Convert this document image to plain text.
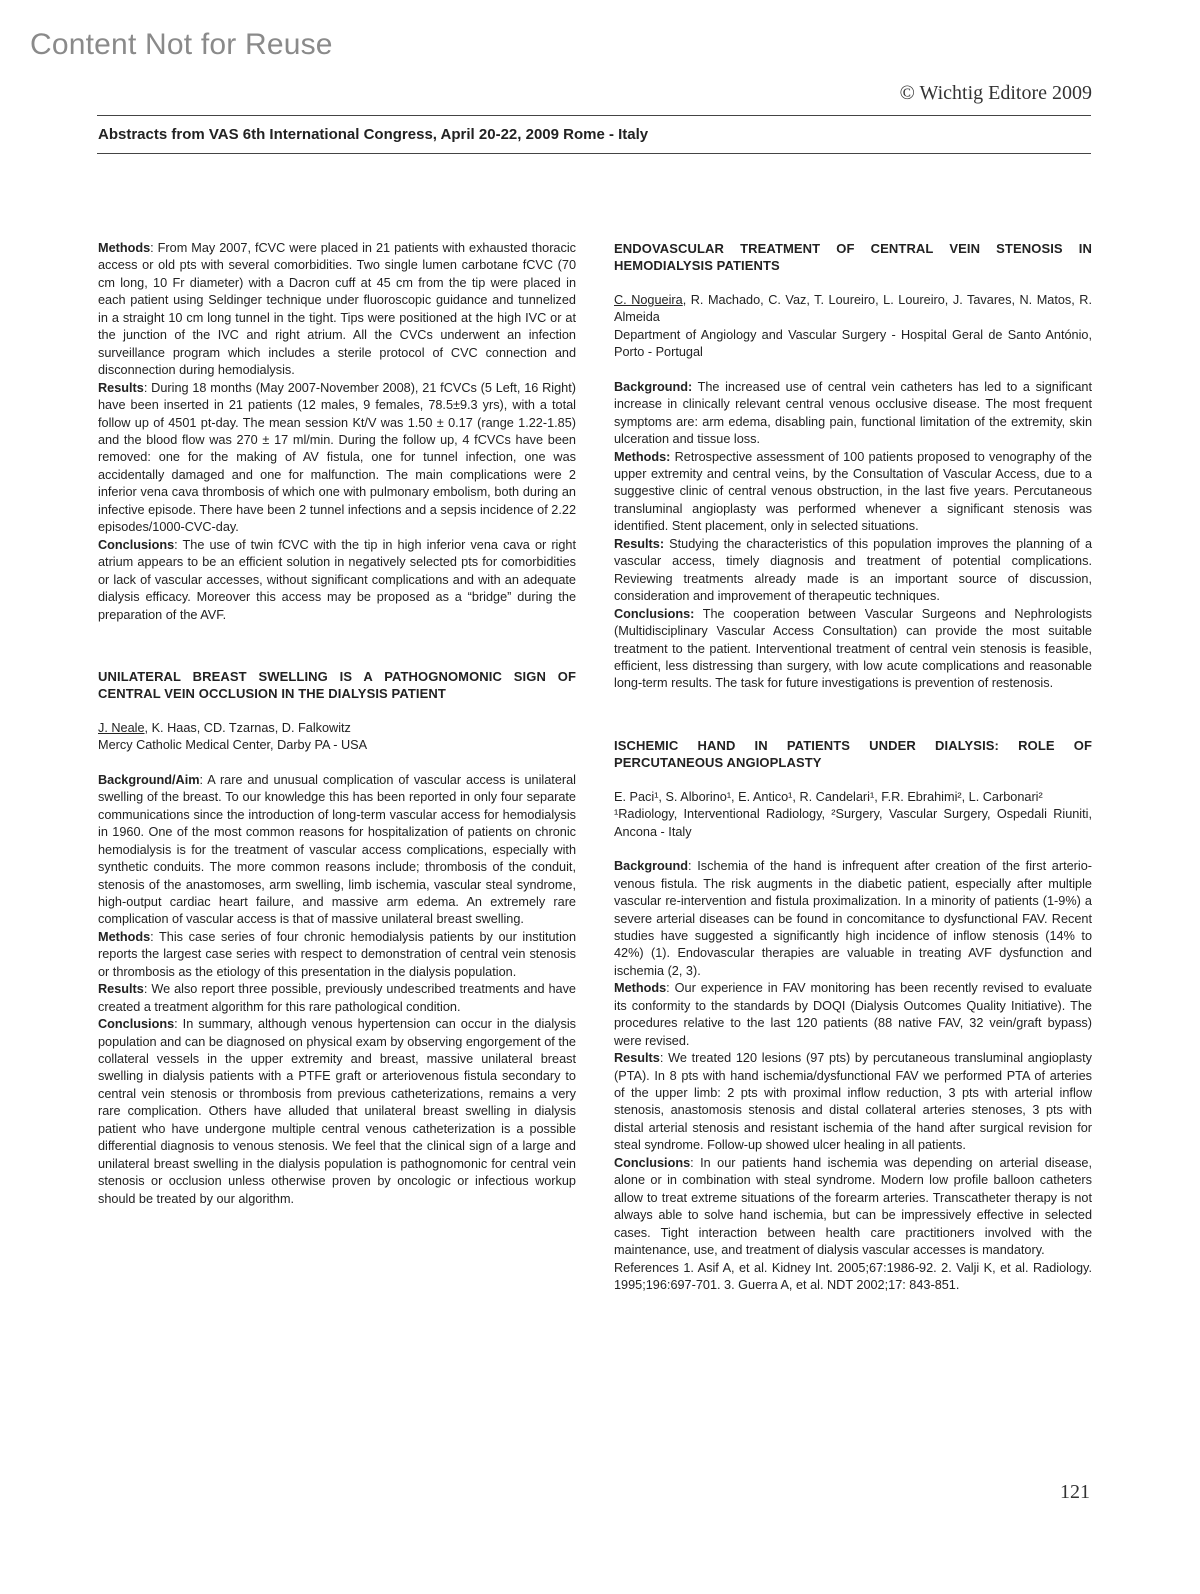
Content Not for Reuse
© Wichtig Editore 2009
Abstracts from VAS 6th International Congress, April 20-22, 2009 Rome - Italy

Methods: From May 2007, fCVC were placed in 21 patients with exhausted thoracic access or old pts with several comorbidities. Two single lumen carbotane fCVC (70 cm long, 10 Fr diameter) with a Dacron cuff at 45 cm from the tip were placed in each patient using Seldinger technique under fluoroscopic guidance and tunnelized in a straight 10 cm long tunnel in the tight. Tips were positioned at the high IVC or at the junction of the IVC and right atrium. All the CVCs underwent an infection surveillance program which includes a sterile protocol of CVC connection and disconnection during hemodialysis.

Results: During 18 months (May 2007-November 2008), 21 fCVCs (5 Left, 16 Right) have been inserted in 21 patients (12 males, 9 females, 78.5±9.3 yrs), with a total follow up of 4501 pt-day. The mean session Kt/V was 1.50 ± 0.17 (range 1.22-1.85) and the blood flow was 270 ± 17 ml/min. During the follow up, 4 fCVCs have been removed: one for the making of AV fistula, one for tunnel infection, one was accidentally damaged and one for malfunction. The main complications were 2 inferior vena cava thrombosis of which one with pulmonary embolism, both during an infective episode. There have been 2 tunnel infections and a sepsis incidence of 2.22 episodes/1000-CVC-day.

Conclusions: The use of twin fCVC with the tip in high inferior vena cava or right atrium appears to be an efficient solution in negatively selected pts for comorbidities or lack of vascular accesses, without significant complications and with an adequate dialysis efficacy. Moreover this access may be proposed as a “bridge” during the preparation of the AVF.

UNILATERAL BREAST SWELLING IS A PATHOGNOMONIC SIGN OF CENTRAL VEIN OCCLUSION IN THE DIALYSIS PATIENT

J. Neale, K. Haas, CD. Tzarnas, D. Falkowitz

Mercy Catholic Medical Center, Darby PA - USA

Background/Aim: A rare and unusual complication of vascular access is unilateral swelling of the breast. To our knowledge this has been reported in only four separate communications since the introduction of long-term vascular access for hemodialysis in 1960. One of the most common reasons for hospitalization of patients on chronic hemodialysis is for the treatment of vascular access complications, especially with synthetic conduits. The more common reasons include; thrombosis of the conduit, stenosis of the anastomoses, arm swelling, limb ischemia, vascular steal syndrome, high-output cardiac heart failure, and massive arm edema. An extremely rare complication of vascular access is that of massive unilateral breast swelling.

Methods: This case series of four chronic hemodialysis patients by our institution reports the largest case series with respect to demonstration of central vein stenosis or thrombosis as the etiology of this presentation in the dialysis population.

Results: We also report three possible, previously undescribed treatments and have created a treatment algorithm for this rare pathological condition.

Conclusions: In summary, although venous hypertension can occur in the dialysis population and can be diagnosed on physical exam by observing engorgement of the collateral vessels in the upper extremity and breast, massive unilateral breast swelling in dialysis patients with a PTFE graft or arteriovenous fistula secondary to central vein stenosis or thrombosis from previous catheterizations, remains a very rare complication. Others have alluded that unilateral breast swelling in dialysis patient who have undergone multiple central venous catheterization is a possible differential diagnosis to venous stenosis. We feel that the clinical sign of a large and unilateral breast swelling in the dialysis population is pathognomonic for central vein stenosis or occlusion unless otherwise proven by oncologic or infectious workup should be treated by our algorithm.

ENDOVASCULAR TREATMENT OF CENTRAL VEIN STENOSIS IN HEMODIALYSIS PATIENTS

C. Nogueira, R. Machado, C. Vaz, T. Loureiro, L. Loureiro, J. Tavares, N. Matos, R. Almeida

Department of Angiology and Vascular Surgery - Hospital Geral de Santo António, Porto - Portugal

Background: The increased use of central vein catheters has led to a significant increase in clinically relevant central venous occlusive disease. The most frequent symptoms are: arm edema, disabling pain, functional limitation of the extremity, skin ulceration and tissue loss.

Methods: Retrospective assessment of 100 patients proposed to venography of the upper extremity and central veins, by the Consultation of Vascular Access, due to a suggestive clinic of central venous obstruction, in the last five years. Percutaneous transluminal angioplasty was performed whenever a significant stenosis was identified. Stent placement, only in selected situations.

Results: Studying the characteristics of this population improves the planning of a vascular access, timely diagnosis and treatment of potential complications. Reviewing treatments already made is an important source of discussion, consideration and improvement of therapeutic techniques.

Conclusions: The cooperation between Vascular Surgeons and Nephrologists (Multidisciplinary Vascular Access Consultation) can provide the most suitable treatment to the patient. Interventional treatment of central vein stenosis is feasible, efficient, less distressing than surgery, with low acute complications and reasonable long-term results. The task for future investigations is prevention of restenosis.

ISCHEMIC HAND IN PATIENTS UNDER DIALYSIS: ROLE OF PERCUTANEOUS ANGIOPLASTY

E. Paci¹, S. Alborino¹, E. Antico¹, R. Candelari¹, F.R. Ebrahimi², L. Carbonari²

¹Radiology, Interventional Radiology, ²Surgery, Vascular Surgery, Ospedali Riuniti, Ancona - Italy

Background: Ischemia of the hand is infrequent after creation of the first arterio-venous fistula. The risk augments in the diabetic patient, especially after multiple vascular re-intervention and fistula proximalization. In a minority of patients (1-9%) a severe arterial diseases can be found in concomitance to dysfunctional FAV. Recent studies have suggested a significantly high incidence of inflow stenosis (14% to 42%) (1). Endovascular therapies are valuable in treating AVF dysfunction and ischemia (2, 3).

Methods: Our experience in FAV monitoring has been recently revised to evaluate its conformity to the standards by DOQI (Dialysis Outcomes Quality Initiative). The procedures relative to the last 120 patients (88 native FAV, 32 vein/graft bypass) were revised.

Results: We treated 120 lesions (97 pts) by percutaneous transluminal angioplasty (PTA). In 8 pts with hand ischemia/dysfunctional FAV we performed PTA of arteries of the upper limb: 2 pts with proximal inflow reduction, 3 pts with arterial inflow stenosis, anastomosis stenosis and distal collateral arteries stenoses, 3 pts with distal arterial stenosis and resistant ischemia of the hand after surgical revision for steal syndrome. Follow-up showed ulcer healing in all patients.

Conclusions: In our patients hand ischemia was depending on arterial disease, alone or in combination with steal syndrome. Modern low profile balloon catheters allow to treat extreme situations of the forearm arteries. Transcatheter therapy is not always able to solve hand ischemia, but can be impressively effective in selected cases. Tight interaction between health care practitioners involved with the maintenance, use, and treatment of dialysis vascular accesses is mandatory.

References 1. Asif A, et al. Kidney Int. 2005;67:1986-92. 2. Valji K, et al. Radiology. 1995;196:697-701. 3. Guerra A, et al. NDT 2002;17: 843-851.

121
